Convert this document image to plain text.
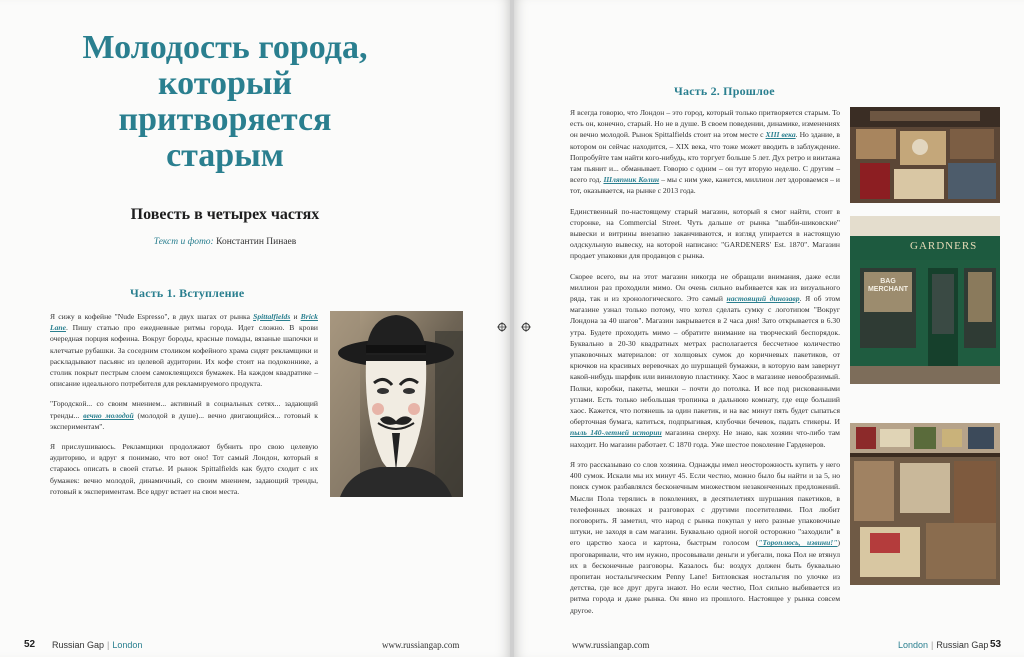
Молодость города, который притворяется старым
Повесть в четырех частях

Текст и фото: Константин Пинаев

Часть 1. Вступление

Я сижу в кофейне "Nude Espresso", в двух шагах от рынка Spittalfields и Brick Lane. Пишу статью про ежедневные ритмы города. Идет сложно. В крови очередная порция кофеина. Вокруг бороды, красные помады, вязаные шапочки и клетчатые рубашки. За соседним столиком кофейного храма сидят рекламщики и раскладывают пасьянс из целевой аудитории. Их кофе стоит на подоконнике, а столик покрыт пестрым слоем самоклеящихся бумажек. На каждом квадратике – описание идеального потребителя для рекламируемого продукта.

"Городской... со своим мнением... активный в социальных сетях... задающий тренды... вечно молодой (молодой в душе)... вечно двигающийся... готовый к экспериментам".

Я прислушиваюсь. Рекламщики продолжают бубнить про свою целевую аудиторию, и вдруг я понимаю, что вот оно! Тот самый Лондон, который я стараюсь описать в своей статье. И рынок Spittalfields как будто сходит с их бумажек: вечно молодой, динамичный, со своим мнением, задающий тренды, готовый к экспериментам. Все вдруг встает на свои места.

52 Russian Gap | London	www.russiangap.com
Часть 2. Прошлое

Я всегда говорю, что Лондон – это город, который только притворяется старым. То есть он, конечно, старый. Но не в душе. В своем поведении, динамике, изменениях он вечно молодой. Рынок Spittalfields стоит на этом месте с XIII века. Но здание, в котором он сейчас находится, – XIX века, что тоже может вводить в заблуждение. Попробуйте там найти кого-нибудь, кто торгует больше 5 лет. Дух ретро и винтажа там пьянит и... обманывает. Говорю с одним – он тут вторую неделю. С другим – всего год. Шляпник Колин – мы с ним уже, кажется, миллион лет здороваемся – и тот, оказывается, на рынке с 2013 года.

Единственный по-настоящему старый магазин, который я смог найти, стоит в сторонке, на Commercial Street. Чуть дальше от рынка "шабби-шиковские" вывески и витрины внезапно заканчиваются, и взгляд упирается в настоящую олдскульную вывеску, на которой написано: "GARDENERS' Est. 1870". Магазин продает упаковки для продавцов с рынка.

Скорее всего, вы на этот магазин никогда не обращали внимания, даже если миллион раз проходили мимо. Он очень сильно выбивается как из визуального ряда, так и из хронологического. Это самый настоящий динозавр. Я об этом магазине узнал только потому, что хотел сделать сумку с логотипом "Вокруг Лондона за 40 шагов". Магазин закрывается в 2 часа дня! Зато открывается в 6.30 утра. Будете проходить мимо – обратите внимание на творческий беспорядок. Буквально в 20-30 квадратных метрах располагается бессчетное количество упаковочных материалов: от холщовых сумок до коричневых пакетиков, от крючков на красивых веревочках до шуршащей бумажки, в которую вам завернут какой-нибудь шарфик или виниловую пластинку. Хаос в магазине невообразимый. Полки, коробки, пакеты, мешки – почти до потолка. И все под рискованными углами. Есть только небольшая тропинка в дальнюю комнату, где еще больший хаос. Кажется, что потянешь за один пакетик, и на вас минут пять будет сыпаться оберточная бумага, катиться, подпрыгивая, клубочки бечевок, падать стикеры. И пыль 140-летней истории магазина сверху. Не знаю, как хозяин что-либо там находит. Но магазин работает. С 1870 года. Уже шестое поколение Гарденеров.

Я это рассказываю со слов хозяина. Однажды имел неосторожность купить у него 400 сумок. Искали мы их минут 45. Если честно, можно было бы найти и за 5, но поиск сумок разбавлялся бесконечным множеством незаконченных предложений. Мысли Пола терялись в поколениях, в десятилетиях шуршания пакетиков, в телефонных звонках и разговорах с другими посетителями. Пол любит поговорить. Я заметил, что народ с рынка покупал у него разные упаковочные штуки, не заходя в сам магазин. Буквально одной ногой осторожно "заходили" в его царство хаоса и картона, быстрым голосом ("Тороплюсь, извини!") проговаривали, что им нужно, просовывали деньги и убегали, пока Пол не втянул их в бесконечные разговоры. Казалось бы: воздух должен быть буквально пропитан ностальгическим Penny Lane! Битловская ностальгия по улочке из детства, где все друг друга знают. Но если честно, Пол сильно выбивается из ритма города и даже рынка. Он явно из прошлого. Настоящее у рынка совсем другое.

GARDNERS
BAG MERCHANT
www.russiangap.com	London | Russian Gap 53
